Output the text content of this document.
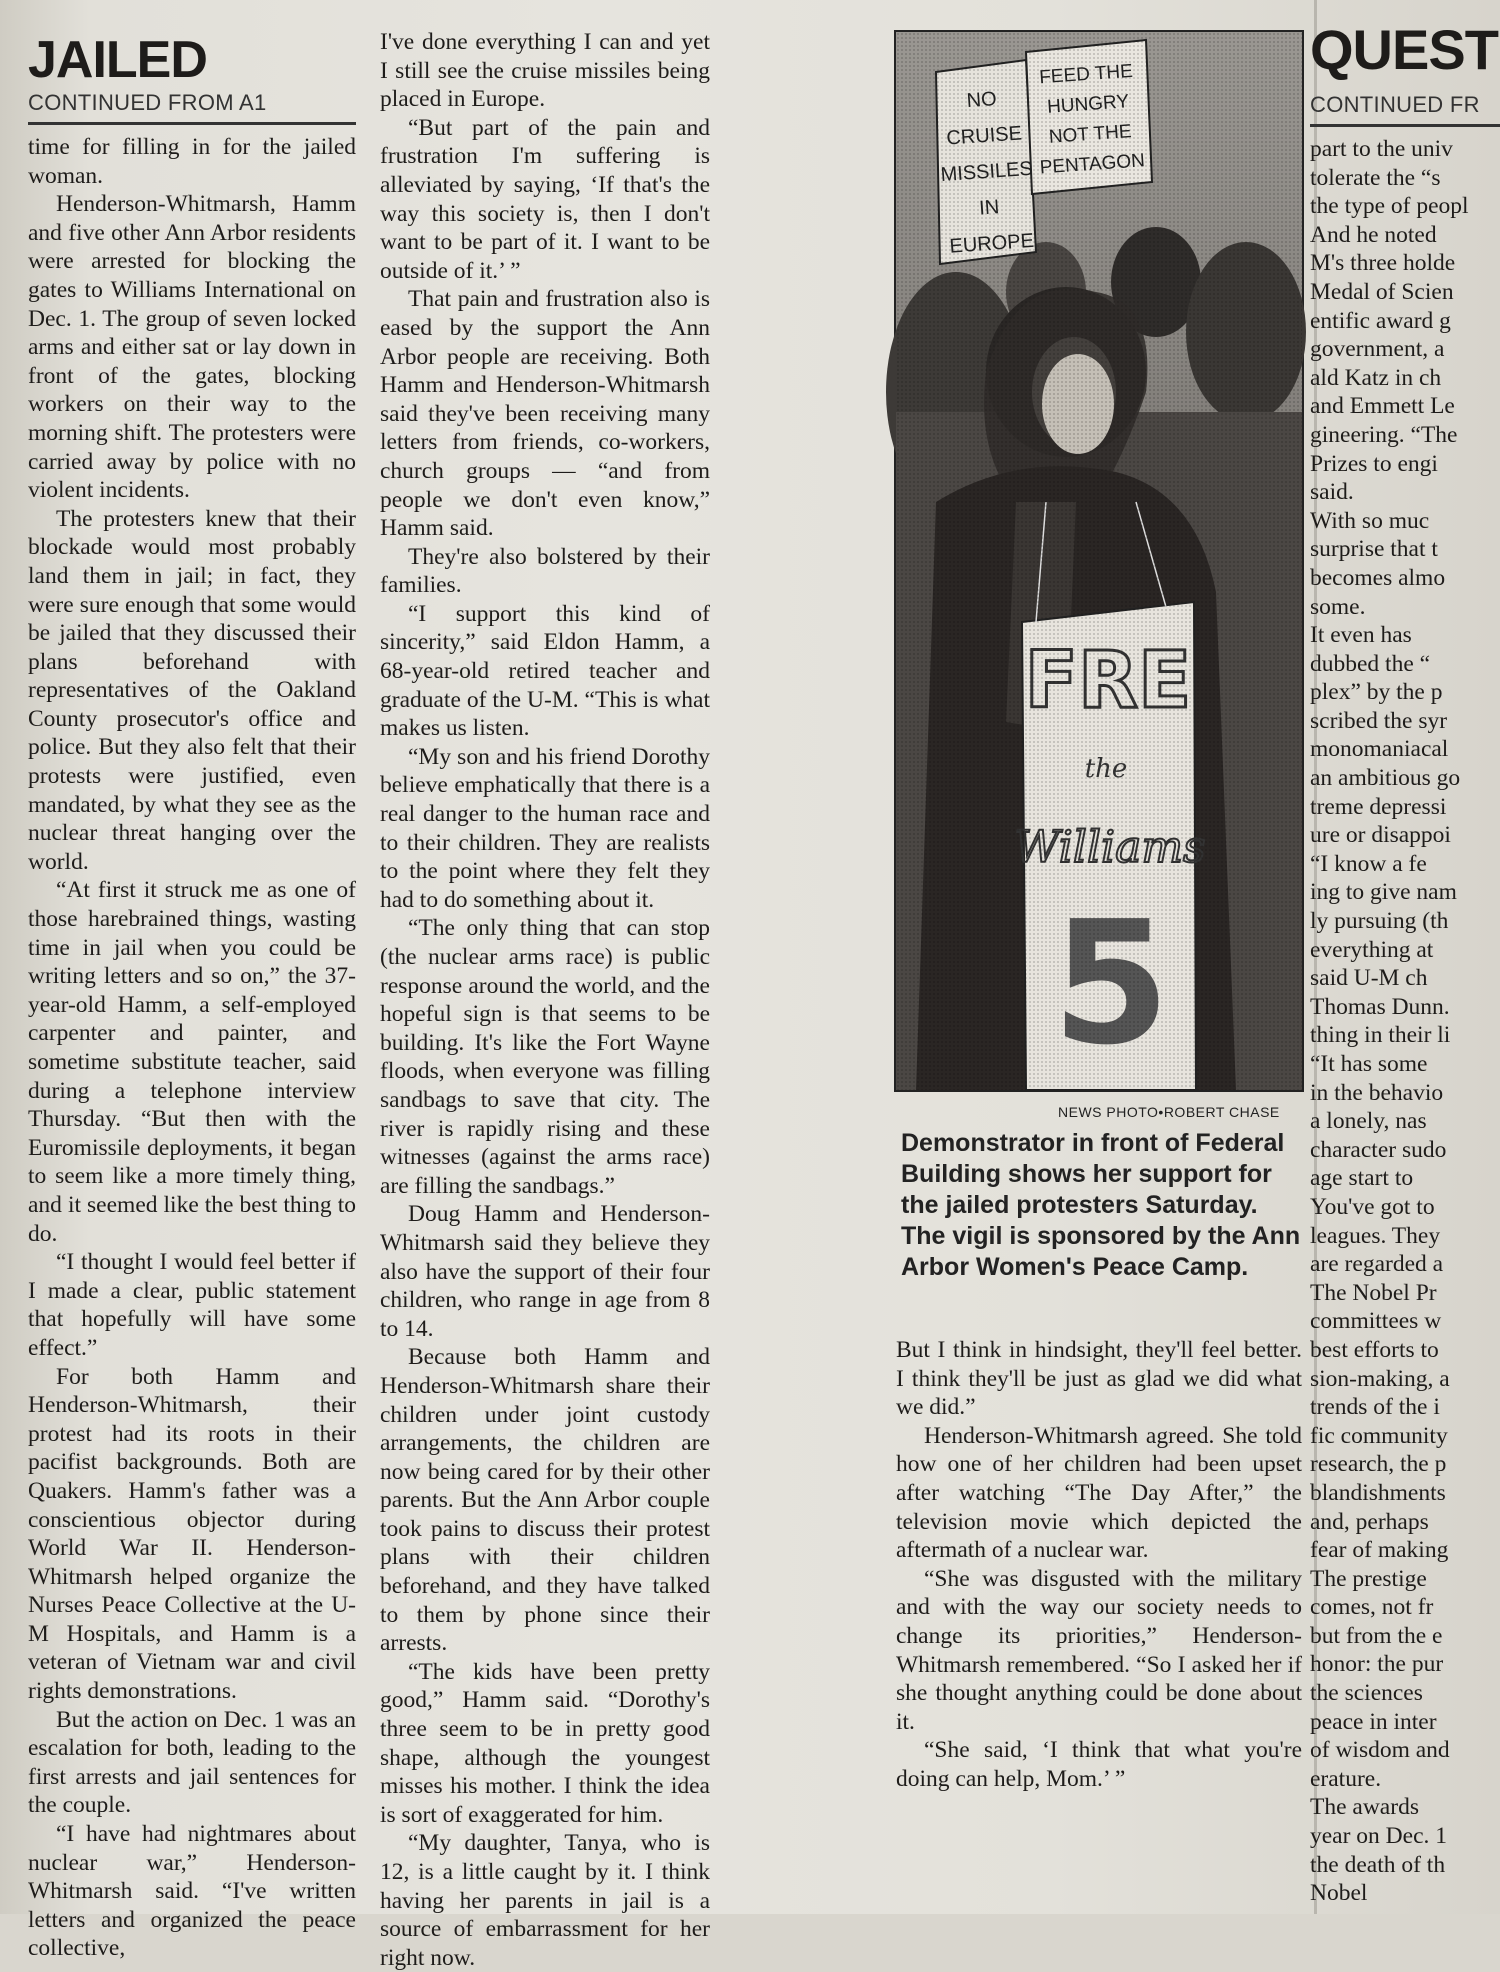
JAILED
CONTINUED FROM A1

time for filling in for the jailed woman.

Henderson-Whitmarsh, Hamm and five other Ann Arbor residents were arrested for blocking the gates to Williams International on Dec. 1. The group of seven locked arms and either sat or lay down in front of the gates, blocking workers on their way to the morning shift. The protesters were carried away by police with no violent incidents.

The protesters knew that their blockade would most probably land them in jail; in fact, they were sure enough that some would be jailed that they discussed their plans beforehand with representatives of the Oakland County prosecutor's office and police. But they also felt that their protests were justified, even mandated, by what they see as the nuclear threat hanging over the world.

“At first it struck me as one of those harebrained things, wasting time in jail when you could be writing letters and so on,” the 37-year-old Hamm, a self-employed carpenter and painter, and sometime substitute teacher, said during a telephone interview Thursday. “But then with the Euromissile deployments, it began to seem like a more timely thing, and it seemed like the best thing to do.

“I thought I would feel better if I made a clear, public statement that hopefully will have some effect.”

For both Hamm and Henderson-Whitmarsh, their protest had its roots in their pacifist backgrounds. Both are Quakers. Hamm's father was a conscientious objector during World War II. Henderson-Whitmarsh helped organize the Nurses Peace Collective at the U-M Hospitals, and Hamm is a veteran of Vietnam war and civil rights demonstrations.

But the action on Dec. 1 was an escalation for both, leading to the first arrests and jail sentences for the couple.

“I have had nightmares about nuclear war,” Henderson-Whitmarsh said. “I've written letters and organized the peace collective,

I've done everything I can and yet I still see the cruise missiles being placed in Europe.

“But part of the pain and frustration I'm suffering is alleviated by saying, ‘If that's the way this society is, then I don't want to be part of it. I want to be outside of it.’ ”

That pain and frustration also is eased by the support the Ann Arbor people are receiving. Both Hamm and Henderson-Whitmarsh said they've been receiving many letters from friends, co-workers, church groups — “and from people we don't even know,” Hamm said.

They're also bolstered by their families.

“I support this kind of sincerity,” said Eldon Hamm, a 68-year-old retired teacher and graduate of the U-M. “This is what makes us listen.

“My son and his friend Dorothy believe emphatically that there is a real danger to the human race and to their children. They are realists to the point where they felt they had to do something about it.

“The only thing that can stop (the nuclear arms race) is public response around the world, and the hopeful sign is that seems to be building. It's like the Fort Wayne floods, when everyone was filling sandbags to save that city. The river is rapidly rising and these witnesses (against the arms race) are filling the sandbags.”

Doug Hamm and Henderson-Whitmarsh said they believe they also have the support of their four children, who range in age from 8 to 14.

Because both Hamm and Henderson-Whitmarsh share their children under joint custody arrangements, the children are now being cared for by their other parents. But the Ann Arbor couple took pains to discuss their protest plans with their children beforehand, and they have talked to them by phone since their arrests.

“The kids have been pretty good,” Hamm said. “Dorothy's three seem to be in pretty good shape, although the youngest misses his mother. I think the idea is sort of exaggerated for him.

“My daughter, Tanya, who is 12, is a little caught by it. I think having her parents in jail is a source of embarrassment for her right now.

NEWS PHOTO•ROBERT CHASE
Demonstrator in front of Federal Building shows her support for the jailed protesters Saturday. The vigil is sponsored by the Ann Arbor Women's Peace Camp.

But I think in hindsight, they'll feel better. I think they'll be just as glad we did what we did.”

Henderson-Whitmarsh agreed. She told how one of her children had been upset after watching “The Day After,” the television movie which depicted the aftermath of a nuclear war.

“She was disgusted with the military and with the way our society needs to change its priorities,” Henderson-Whitmarsh remembered. “So I asked her if she thought anything could be done about it.

“She said, ‘I think that what you're doing can help, Mom.’ ”

QUEST
CONTINUED FR

part to the univ

tolerate the “s

the type of peopl

And he noted

M's three holde

Medal of Scien

entific award g

government, a

ald Katz in ch

and Emmett Le

gineering. “The

Prizes to engi

said.

With so muc

surprise that t

becomes almo

some.

It even has

dubbed the “

plex” by the p

scribed the syr

monomaniacal

an ambitious go

treme depressi

ure or disappoi

“I know a fe

ing to give nam

ly pursuing (th

everything at

said U-M ch

Thomas Dunn.

thing in their li

“It has some

in the behavio

a lonely, nas

character sudo

age start to

You've got to

leagues. They

are regarded a

The Nobel Pr

committees w

best efforts to

sion-making, a

trends of the i

fic community

research, the p

blandishments

and, perhaps

fear of making

The prestige

comes, not fr

but from the e

honor: the pur

the sciences

peace in inter

of wisdom and

erature.

The awards

year on Dec. 1

the death of th

Nobel
